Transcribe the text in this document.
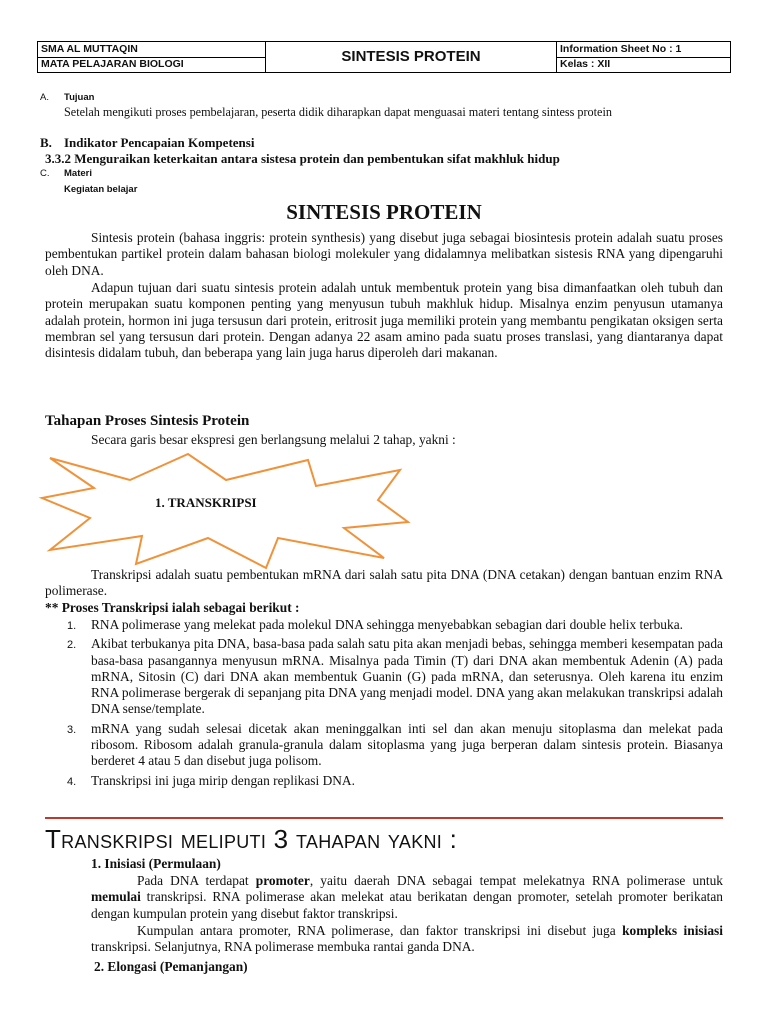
SMA AL MUTTAQIN
MATA PELAJARAN BIOLOGI	SINTESIS PROTEIN	Information Sheet No : 1
Kelas : XII
A. Tujuan
Setelah mengikuti proses pembelajaran, peserta didik diharapkan dapat menguasai materi tentang sintess protein
B. Indikator Pencapaian Kompetensi
3.3.2 Menguraikan keterkaitan antara sistesa protein dan pembentukan sifat makhluk hidup
C. Materi
Kegiatan belajar
SINTESIS PROTEIN
Sintesis protein (bahasa inggris: protein synthesis) yang disebut juga sebagai biosintesis protein adalah suatu proses pembentukan partikel protein dalam bahasan biologi molekuler yang didalamnya melibatkan sistesis RNA yang dipengaruhi oleh DNA.
Adapun tujuan dari suatu sintesis protein adalah untuk membentuk protein yang bisa dimanfaatkan oleh tubuh dan protein merupakan suatu komponen penting yang menyusun tubuh makhluk hidup. Misalnya enzim penyusun utamanya adalah protein, hormon ini juga tersusun dari protein, eritrosit juga memiliki protein yang membantu pengikatan oksigen serta membran sel yang tersusun dari protein. Dengan adanya 22 asam amino pada suatu proses translasi, yang diantaranya dapat disintesis didalam tubuh, dan beberapa yang lain juga harus diperoleh dari makanan.
Tahapan Proses Sintesis Protein
Secara garis besar ekspresi gen berlangsung melalui 2 tahap, yakni :
1. TRANSKRIPSI
Transkripsi adalah suatu pembentukan mRNA dari salah satu pita DNA (DNA cetakan) dengan bantuan enzim RNA polimerase.
** Proses Transkripsi ialah sebagai berikut :
1. RNA polimerase yang melekat pada molekul DNA sehingga menyebabkan sebagian dari double helix terbuka.
2. Akibat terbukanya pita DNA, basa-basa pada salah satu pita akan menjadi bebas, sehingga memberi kesempatan pada basa-basa pasangannya menyusun mRNA. Misalnya pada Timin (T) dari DNA akan membentuk Adenin (A) pada mRNA, Sitosin (C) dari DNA akan membentuk Guanin (G) pada mRNA, dan seterusnya. Oleh karena itu enzim RNA polimerase bergerak di sepanjang pita DNA yang menjadi model. DNA yang akan melakukan transkripsi adalah DNA sense/template.
3. mRNA yang sudah selesai dicetak akan meninggalkan inti sel dan akan menuju sitoplasma dan melekat pada ribosom. Ribosom adalah granula-granula dalam sitoplasma yang juga berperan dalam sintesis protein. Biasanya berderet 4 atau 5 dan disebut juga polisom.
4. Transkripsi ini juga mirip dengan replikasi DNA.
Transkripsi meliputi 3 tahapan yakni :
1. Inisiasi (Permulaan)
Pada DNA terdapat promoter, yaitu daerah DNA sebagai tempat melekatnya RNA polimerase untuk memulai transkripsi. RNA polimerase akan melekat atau berikatan dengan promoter, setelah promoter berikatan dengan kumpulan protein yang disebut faktor transkripsi.
Kumpulan antara promoter, RNA polimerase, dan faktor transkripsi ini disebut juga kompleks inisiasi transkripsi. Selanjutnya, RNA polimerase membuka rantai ganda DNA.
2. Elongasi (Pemanjangan)
